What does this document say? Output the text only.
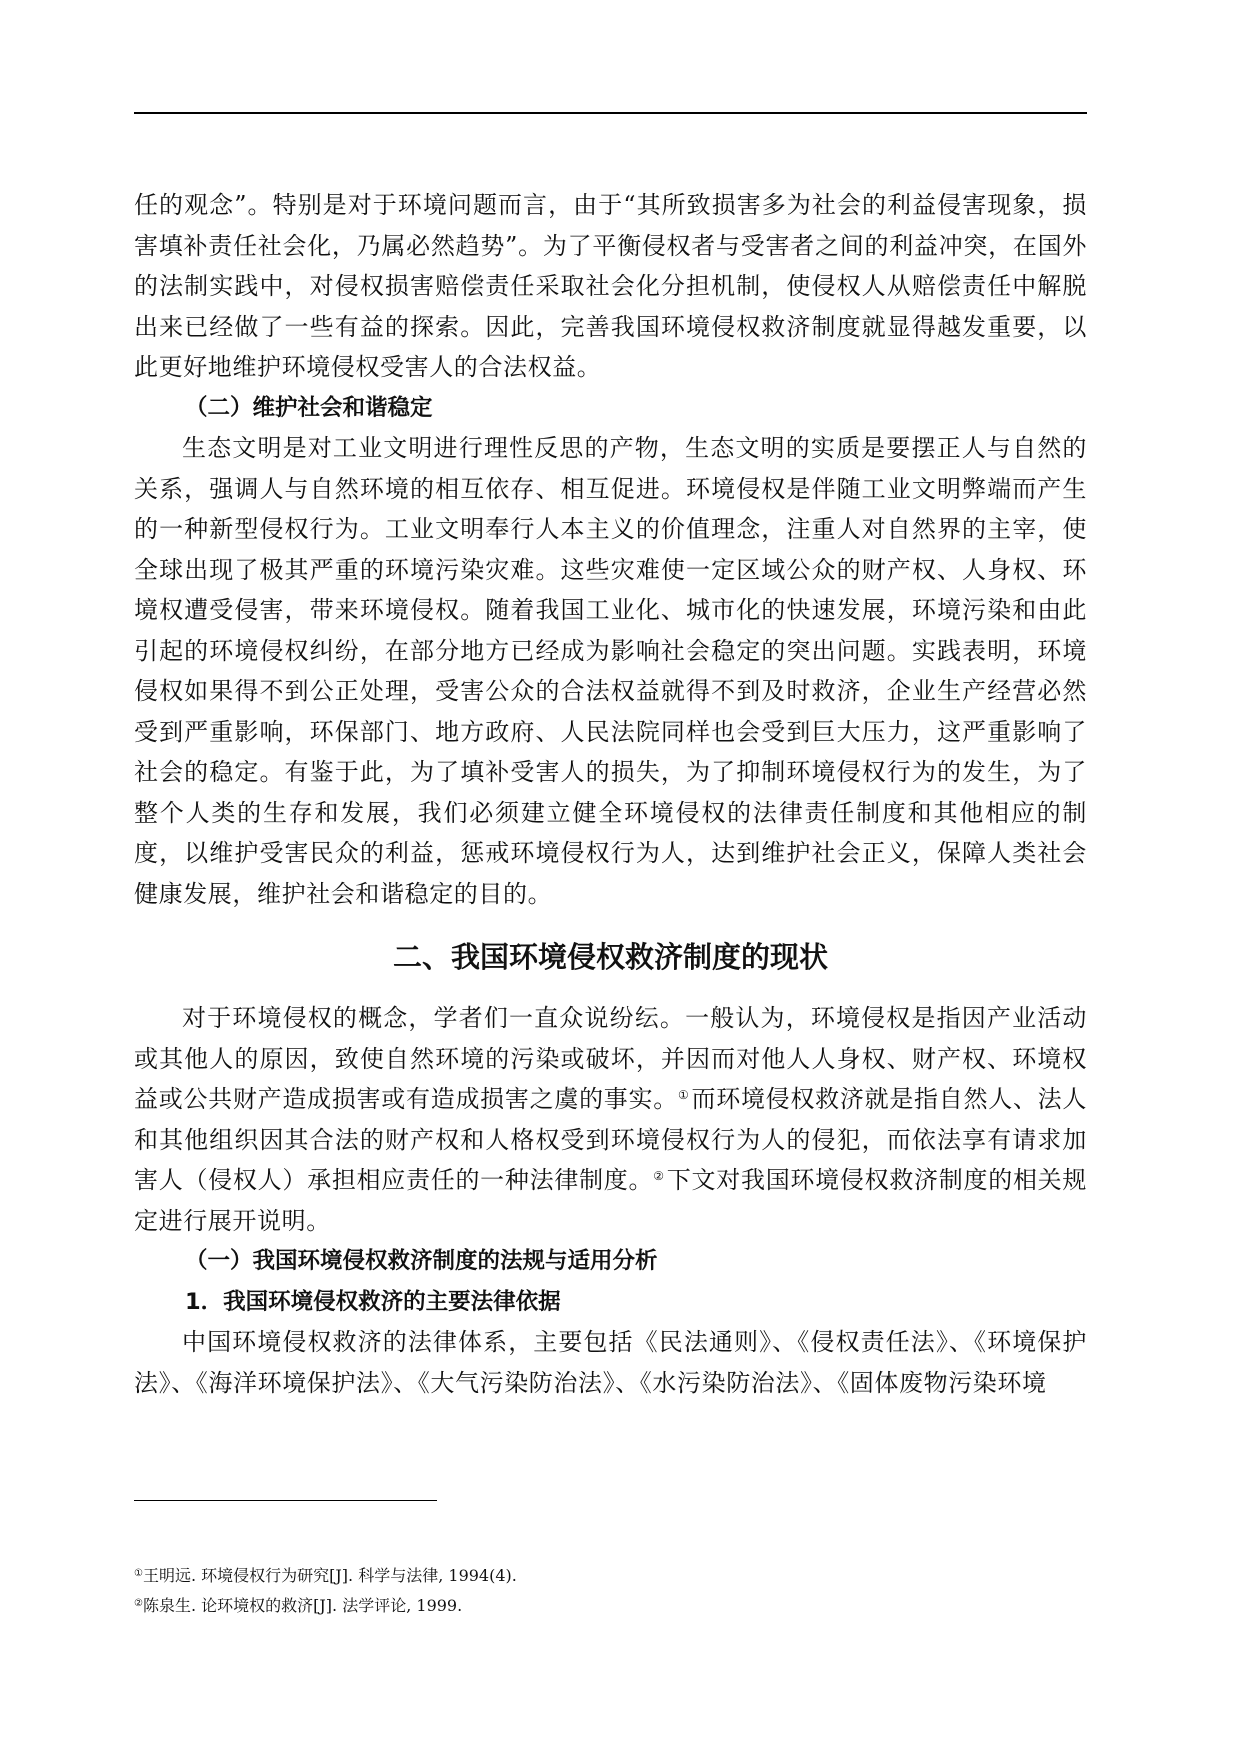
任的观念”。特别是对于环境问题而言，由于“其所致损害多为社会的利益侵害现象，损害填补责任社会化，乃属必然趋势”。为了平衡侵权者与受害者之间的利益冲突，在国外的法制实践中，对侵权损害赔偿责任采取社会化分担机制，使侵权人从赔偿责任中解脱出来已经做了一些有益的探索。因此，完善我国环境侵权救济制度就显得越发重要，以此更好地维护环境侵权受害人的合法权益。

（二）维护社会和谐稳定

生态文明是对工业文明进行理性反思的产物，生态文明的实质是要摆正人与自然的关系，强调人与自然环境的相互依存、相互促进。环境侵权是伴随工业文明弊端而产生的一种新型侵权行为。工业文明奉行人本主义的价值理念，注重人对自然界的主宰，使全球出现了极其严重的环境污染灾难。这些灾难使一定区域公众的财产权、人身权、环境权遭受侵害，带来环境侵权。随着我国工业化、城市化的快速发展，环境污染和由此引起的环境侵权纠纷，在部分地方已经成为影响社会稳定的突出问题。实践表明，环境侵权如果得不到公正处理，受害公众的合法权益就得不到及时救济，企业生产经营必然受到严重影响，环保部门、地方政府、人民法院同样也会受到巨大压力，这严重影响了社会的稳定。有鉴于此，为了填补受害人的损失，为了抑制环境侵权行为的发生，为了整个人类的生存和发展，我们必须建立健全环境侵权的法律责任制度和其他相应的制度，以维护受害民众的利益，惩戒环境侵权行为人，达到维护社会正义，保障人类社会健康发展，维护社会和谐稳定的目的。

二、我国环境侵权救济制度的现状

对于环境侵权的概念，学者们一直众说纷纭。一般认为，环境侵权是指因产业活动或其他人的原因，致使自然环境的污染或破坏，并因而对他人人身权、财产权、环境权益或公共财产造成损害或有造成损害之虞的事实。①而环境侵权救济就是指自然人、法人和其他组织因其合法的财产权和人格权受到环境侵权行为人的侵犯，而依法享有请求加害人（侵权人）承担相应责任的一种法律制度。②下文对我国环境侵权救济制度的相关规定进行展开说明。

（一）我国环境侵权救济制度的法规与适用分析
1．我国环境侵权救济的主要法律依据

中国环境侵权救济的法律体系，主要包括《民法通则》、《侵权责任法》、《环境保护法》、《海洋环境保护法》、《大气污染防治法》、《水污染防治法》、《固体废物污染环境

①王明远. 环境侵权行为研究[J]. 科学与法律, 1994(4).
②陈泉生. 论环境权的救济[J]. 法学评论, 1999.
